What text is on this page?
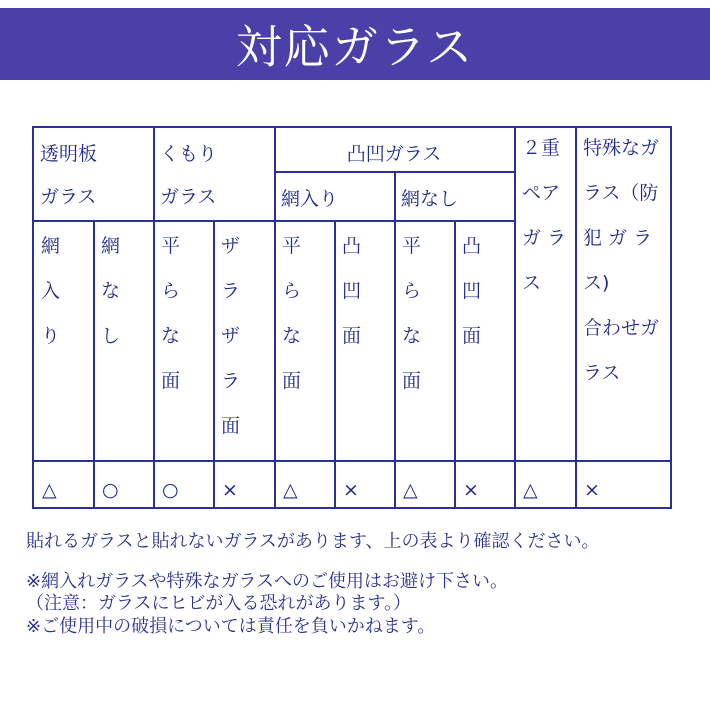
対応ガラス
透明板
ガラス
くもり
ガラス
凸凹ガラス
網入り	網なし
２重
ペア
ガ ラ
ス
特殊なガ
ラス（防
犯 ガ ラ
ス)
合わせガ
ラス
網
入
り
網
な
し
平
ら
な
面
ザ
ラ
ザ
ラ
面
平
ら
な
面
凸
凹
面
平
ら
な
面
凸
凹
面
△ ○ ○ × △ × △ × △ ×
貼れるガラスと貼れないガラスがあります、上の表より確認ください。
※網入れガラスや特殊なガラスへのご使用はお避け下さい。
（注意：ガラスにヒビが入る恐れがあります。）
※ご使用中の破損については責任を負いかねます。
